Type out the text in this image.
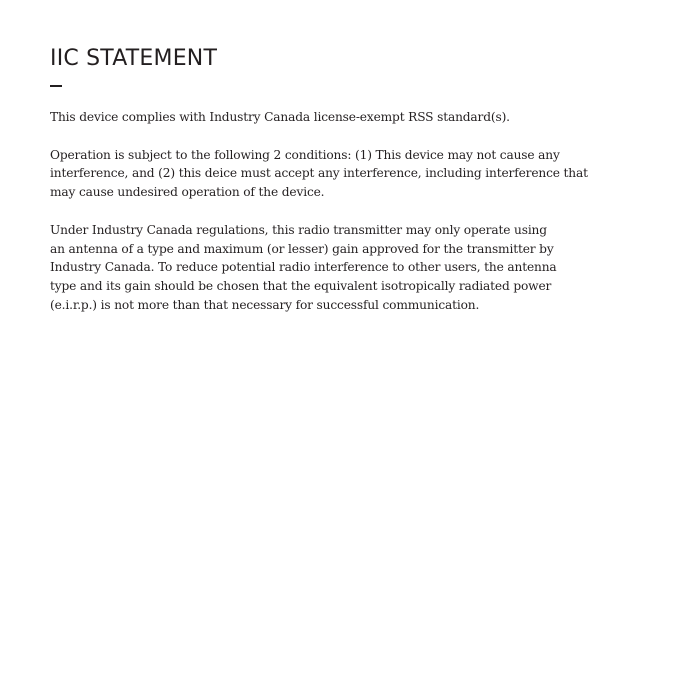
IIC STATEMENT

This device complies with Industry Canada license-exempt RSS standard(s).

Operation is subject to the following 2 conditions: (1) This device may not cause any
interference, and (2) this deice must accept any interference, including interference that
may cause undesired operation of the device.

Under Industry Canada regulations, this radio transmitter may only operate using
an antenna of a type and maximum (or lesser) gain approved for the transmitter by
Industry Canada. To reduce potential radio interference to other users, the antenna
type and its gain should be chosen that the equivalent isotropically radiated power
(e.i.r.p.) is not more than that necessary for successful communication.
